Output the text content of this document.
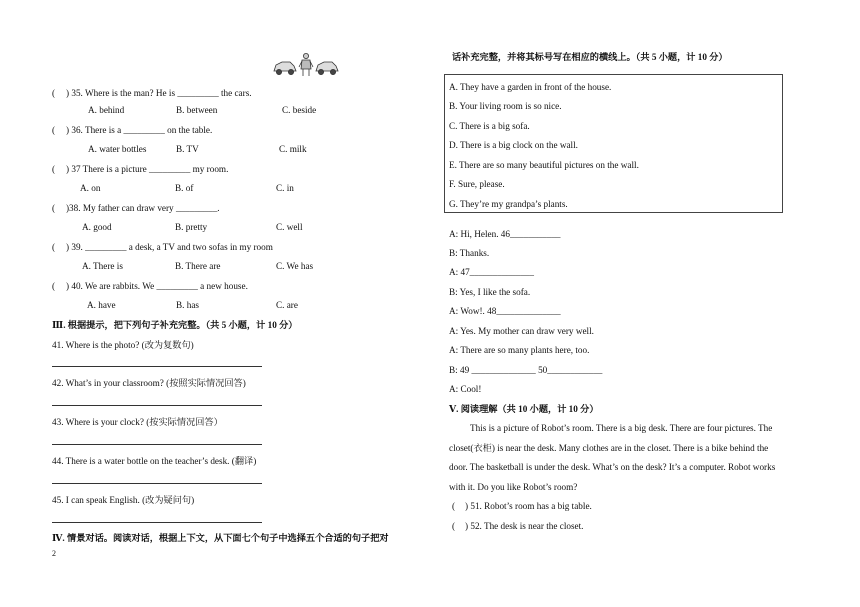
( ) 35. Where is the man? He is _________ the cars.
A. behind	B. between	C. beside
( ) 36. There is a _________ on the table.
A. water bottles	B. TV	C. milk
( ) 37 There is a picture _________ my room.
A. on	B. of	C. in
( )38. My father can draw very _________.
A. good	B. pretty	C. well
( ) 39. _________ a desk, a TV and two sofas in my room
A. There is	B. There are	C. We has
( ) 40. We are rabbits. We _________ a new house.
A. have	B. has	C. are
Ⅲ. 根据提示，把下列句子补充完整。（共 5 小题，计 10 分）
41. Where is the photo? (改为复数句)
42. What’s in your classroom? (按照实际情况回答)
43. Where is your clock? (按实际情况回答）
44. There is a water bottle on the teacher’s desk. (翻译)
45. I can speak English. (改为疑问句)
Ⅳ. 情景对话。阅读对话，根据上下文，从下面七个句子中选择五个合适的句子把对
2
话补充完整，并将其标号写在相应的横线上。（共 5 小题，计 10 分）
A. They have a garden in front of the house.
B. Your living room is so nice.
C. There is a big sofa.
D. There is a big clock on the wall.
E. There are so many beautiful pictures on the wall.
F. Sure, please.
G. They’re my grandpa’s plants.
A: Hi, Helen. 46___________
B: Thanks.
A: 47______________
B: Yes, I like the sofa.
A: Wow!. 48______________
A: Yes. My mother can draw very well.
A: There are so many plants here, too.
B: 49 ______________ 50____________
A: Cool!
Ⅴ. 阅读理解（共 10 小题，计 10 分）
This is a picture of Robot’s room. There is a big desk. There are four pictures. The
closet(衣柜) is near the desk. Many clothes are in the closet. There is a bike behind the
door. The basketball is under the desk. What’s on the desk? It’s a computer. Robot works
with it. Do you like Robot’s room?
( ) 51. Robot’s room has a big table.
( ) 52. The desk is near the closet.
